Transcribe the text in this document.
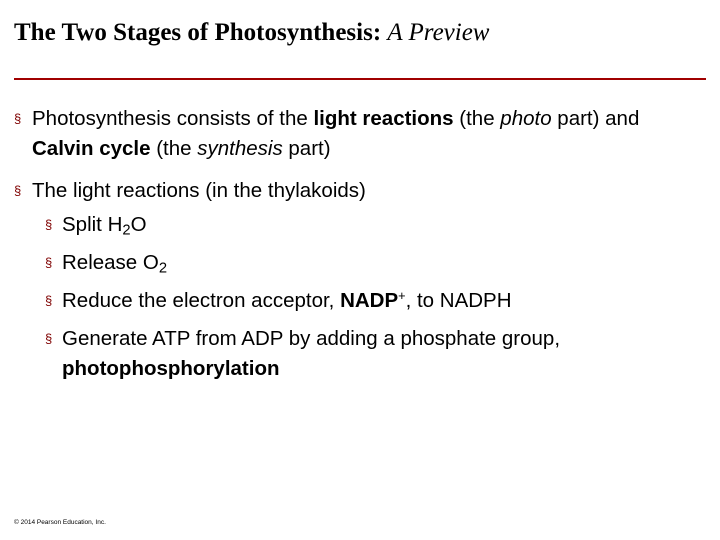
The Two Stages of Photosynthesis: A Preview
§ Photosynthesis consists of the light reactions (the photo part) and Calvin cycle (the synthesis part)
§ The light reactions (in the thylakoids)
§ Split $H_2O$
§ Release $O_2$
§ Reduce the electron acceptor, NADP+, to NADPH
§ Generate ATP from ADP by adding a phosphate group, photophosphorylation
© 2014 Pearson Education, Inc.
